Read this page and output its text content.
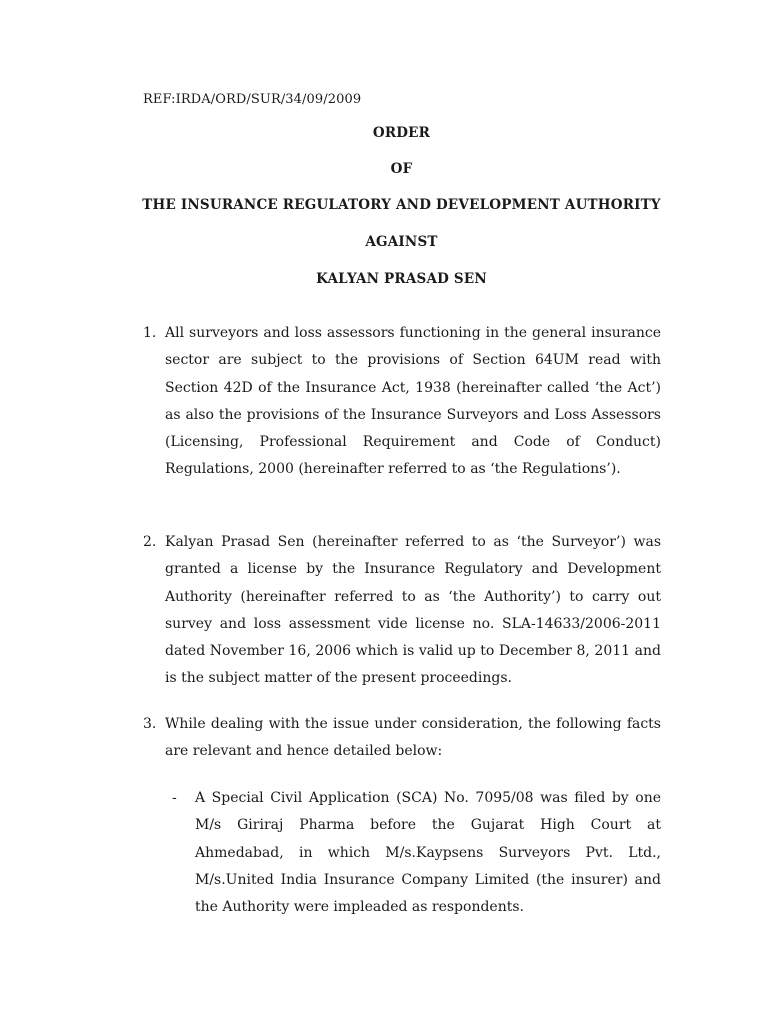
REF:IRDA/ORD/SUR/34/09/2009
ORDER
OF
THE INSURANCE REGULATORY AND DEVELOPMENT AUTHORITY
AGAINST
KALYAN PRASAD SEN
1. All surveyors and loss assessors functioning in the general insurance sector are subject to the provisions of Section 64UM read with Section 42D of the Insurance Act, 1938 (hereinafter called ‘the Act’) as also the provisions of the Insurance Surveyors and Loss Assessors (Licensing, Professional Requirement and Code of Conduct) Regulations, 2000 (hereinafter referred to as ‘the Regulations’).
2. Kalyan Prasad Sen (hereinafter referred to as ‘the Surveyor’) was granted a license by the Insurance Regulatory and Development Authority (hereinafter referred to as ‘the Authority’) to carry out survey and loss assessment vide license no. SLA-14633/2006-2011 dated November 16, 2006 which is valid up to December 8, 2011 and is the subject matter of the present proceedings.
3. While dealing with the issue under consideration, the following facts are relevant and hence detailed below:
- A Special Civil Application (SCA) No. 7095/08 was filed by one M/s Giriraj Pharma before the Gujarat High Court at Ahmedabad, in which M/s.Kaypsens Surveyors Pvt. Ltd., M/s.United India Insurance Company Limited (the insurer) and the Authority were impleaded as respondents.
